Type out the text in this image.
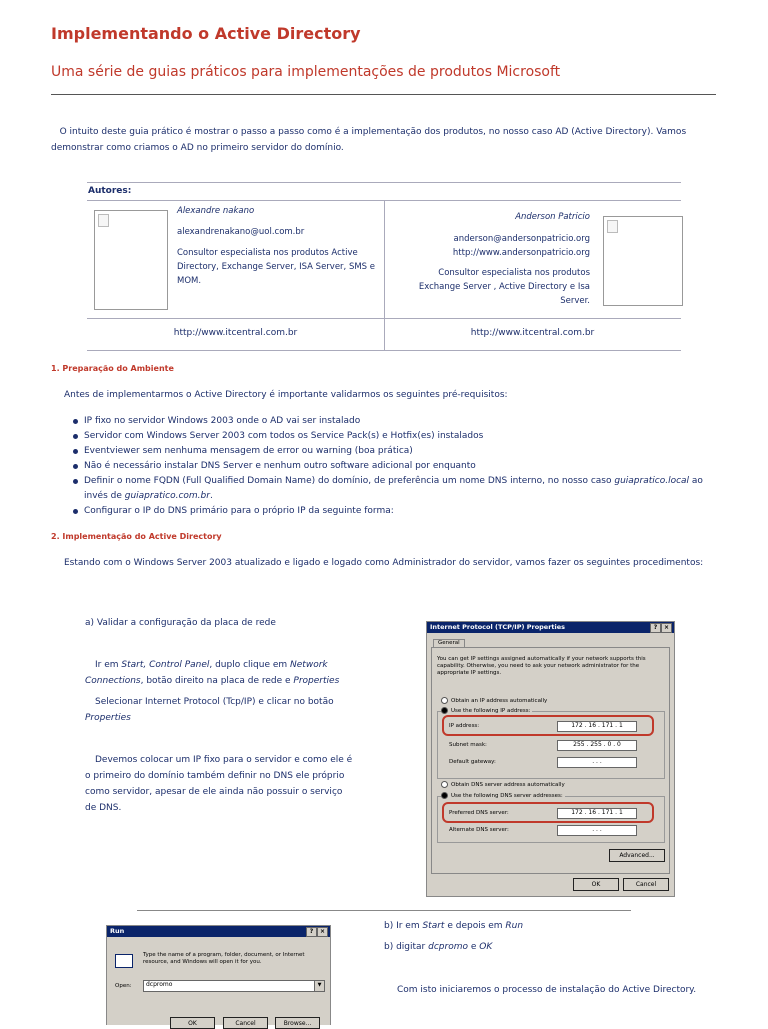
Implementando o Active Directory
Uma série de guias práticos para implementações de produtos Microsoft
O intuito deste guia prático é mostrar o passo a passo como é a implementação dos produtos, no nosso caso AD (Active Directory). Vamos demonstrar como criamos o AD no primeiro servidor do domínio.
Autores:
Alexandre nakano
alexandrenakano@uol.com.br
Consultor especialista nos produtos Active Directory, Exchange Server, ISA Server, SMS e MOM.
Anderson Patricio
anderson@andersonpatricio.org
http://www.andersonpatricio.org
Consultor especialista nos produtos Exchange Server , Active Directory e Isa Server.
http://www.itcentral.com.br	http://www.itcentral.com.br
1. Preparação do Ambiente
Antes de implementarmos o Active Directory é importante validarmos os seguintes pré-requisitos:
IP fixo no servidor Windows 2003 onde o AD vai ser instalado
Servidor com Windows Server 2003 com todos os Service Pack(s) e Hotfix(es) instalados
Eventviewer sem nenhuma mensagem de error ou warning (boa prática)
Não é necessário instalar DNS Server e nenhum outro software adicional por enquanto
Definir o nome FQDN (Full Qualified Domain Name) do domínio, de preferência um nome DNS interno, no nosso caso guiapratico.local ao invés de guiapratico.com.br.
Configurar o IP do DNS primário para o próprio IP da seguinte forma:
2. Implementação do Active Directory
Estando com o Windows Server 2003 atualizado e ligado e logado como Administrador do servidor, vamos fazer os seguintes procedimentos:
a) Validar a configuração da placa de rede
Ir em Start, Control Panel, duplo clique em Network Connections, botão direito na placa de rede e Properties
Selecionar Internet Protocol (Tcp/IP) e clicar no botão Properties
Devemos colocar um IP fixo para o servidor e como ele é o primeiro do domínio também definir no DNS ele próprio como servidor, apesar de ele ainda não possuir o serviço de DNS.
Internet Protocol (TCP/IP) Properties	?	×
General
You can get IP settings assigned automatically if your network supports this capability. Otherwise, you need to ask your network administrator for the appropriate IP settings.
Obtain an IP address automatically
Use the following IP address:
IP address:	172 . 16 . 171 . 1
Subnet mask:	255 . 255 . 0 . 0
Default gateway:	. . .
Obtain DNS server address automatically
Use the following DNS server addresses:
Preferred DNS server:	172 . 16 . 171 . 1
Alternate DNS server:	. . .
Advanced...
OK	Cancel
Run	?	×
Type the name of a program, folder, document, or Internet resource, and Windows will open it for you.
Open:	dcpromo	▼
OK	Cancel	Browse...
b) Ir em Start e depois em Run
b) digitar dcpromo e OK
Com isto iniciaremos o processo de instalação do Active Directory.
